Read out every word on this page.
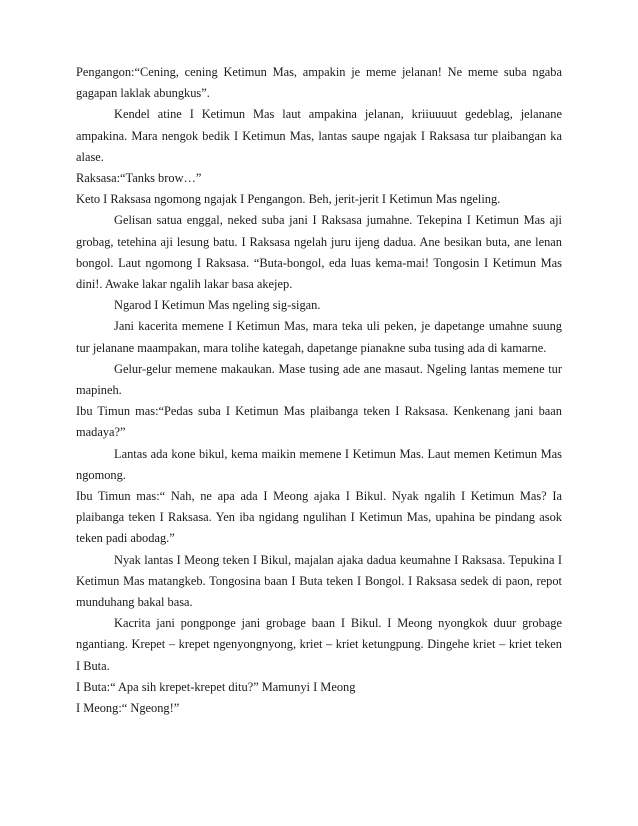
Pengangon:“Cening, cening Ketimun Mas, ampakin je meme jelanan! Ne meme suba ngaba gagapan laklak abungkus”.

Kendel atine I Ketimun Mas laut ampakina jelanan, kriiuuuut gedeblag, jelanane ampakina. Mara nengok bedik I Ketimun Mas, lantas saupe ngajak I Raksasa tur plaibangan ka alase.

Raksasa:“Tanks brow…”

Keto I Raksasa ngomong ngajak I Pengangon. Beh, jerit-jerit I Ketimun Mas ngeling.

Gelisan satua enggal, neked suba jani I Raksasa jumahne. Tekepina I Ketimun Mas aji grobag, tetehina aji lesung batu. I Raksasa ngelah juru ijeng dadua. Ane besikan buta, ane lenan bongol. Laut ngomong I Raksasa. “Buta-bongol, eda luas kema-mai! Tongosin I Ketimun Mas dini!. Awake lakar ngalih lakar basa akejep.

Ngarod I Ketimun Mas ngeling sig-sigan.

Jani kacerita memene I Ketimun Mas, mara teka uli peken, je dapetange umahne suung tur jelanane maampakan, mara tolihe kategah, dapetange pianakne suba tusing ada di kamarne.

Gelur-gelur memene makaukan. Mase tusing ade ane masaut. Ngeling lantas memene tur mapineh.

Ibu Timun mas:“Pedas suba I Ketimun Mas plaibanga teken I Raksasa. Kenkenang jani baan madaya?”

Lantas ada kone bikul, kema maikin memene I Ketimun Mas. Laut memen Ketimun Mas ngomong.

Ibu Timun mas:“ Nah, ne apa ada I Meong ajaka I Bikul. Nyak ngalih I Ketimun Mas? Ia plaibanga teken I Raksasa. Yen iba ngidang ngulihan I Ketimun Mas, upahina be pindang asok teken padi abodag.”

Nyak lantas I Meong teken I Bikul, majalan ajaka dadua keumahne I Raksasa. Tepukina I Ketimun Mas matangkeb. Tongosina baan I Buta teken I Bongol. I Raksasa sedek di paon, repot munduhang bakal basa.

Kacrita jani pongponge jani grobage baan I Bikul. I Meong nyongkok duur grobage ngantiang. Krepet – krepet ngenyongnyong, kriet – kriet ketungpung. Dingehe kriet – kriet teken I Buta.

I Buta:“ Apa sih krepet-krepet ditu?” Mamunyi I Meong

I Meong:“ Ngeong!”
